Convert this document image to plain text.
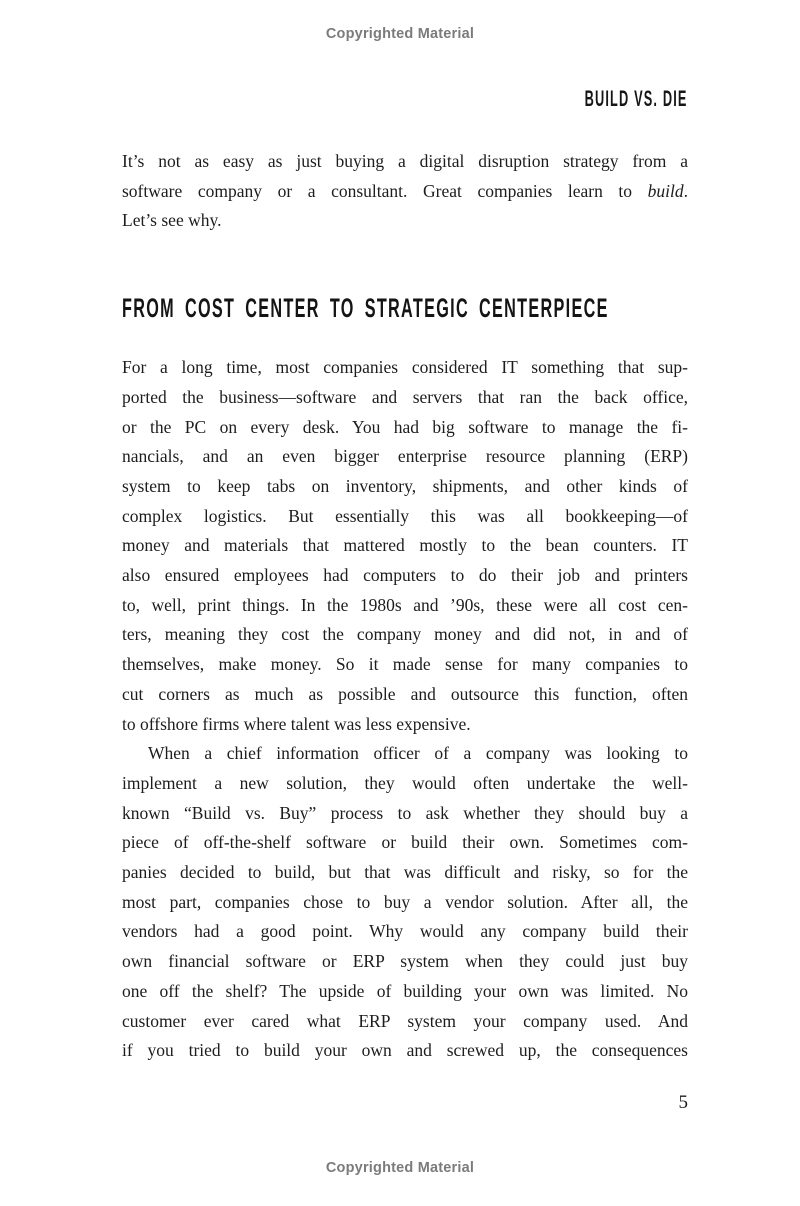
Copyrighted Material
BUILD VS. DIE
It’s not as easy as just buying a digital disruption strategy from a
software company or a consultant. Great companies learn to build.
Let’s see why.
FROM COST CENTER TO STRATEGIC CENTERPIECE
For a long time, most companies considered IT something that sup-
ported the business—software and servers that ran the back office,
or the PC on every desk. You had big software to manage the fi-
nancials, and an even bigger enterprise resource planning (ERP)
system to keep tabs on inventory, shipments, and other kinds of
complex logistics. But essentially this was all bookkeeping—of
money and materials that mattered mostly to the bean counters. IT
also ensured employees had computers to do their job and printers
to, well, print things. In the 1980s and ’90s, these were all cost cen-
ters, meaning they cost the company money and did not, in and of
themselves, make money. So it made sense for many companies to
cut corners as much as possible and outsource this function, often
to offshore firms where talent was less expensive.
When a chief information officer of a company was looking to
implement a new solution, they would often undertake the well-
known “Build vs. Buy” process to ask whether they should buy a
piece of off-the-shelf software or build their own. Sometimes com-
panies decided to build, but that was difficult and risky, so for the
most part, companies chose to buy a vendor solution. After all, the
vendors had a good point. Why would any company build their
own financial software or ERP system when they could just buy
one off the shelf? The upside of building your own was limited. No
customer ever cared what ERP system your company used. And
if you tried to build your own and screwed up, the consequences
5
Copyrighted Material
